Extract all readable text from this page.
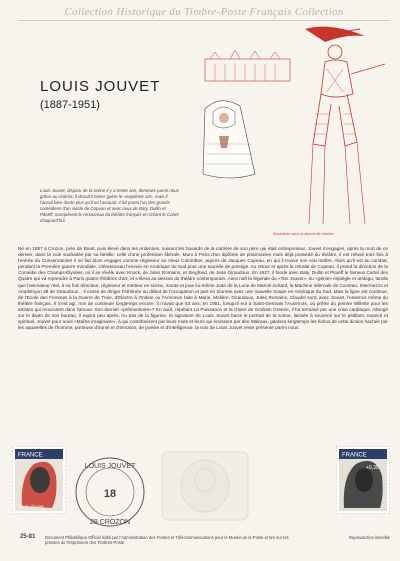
Collection Historique du Timbre-Poste Français Collection
LOUIS JOUVET
(1887-1951)
Louis Jouvet, disparu de la scène il y a trente ans, demeure parmi nous grâce au cinéma; il dosait n'aimer guère le «septième art», mais il l'aurait bien doute plus qu'il ne l'avouait. Il fut parmi l'un des grands comédiens d'un siècle de Copeau et avec ceux de Baty, Dullin et Pitoëff, marquèrent le renouveau du théâtre français en créant le Cartel d'aujourd'hui.
Illustration sous la dorme de l'artiste
Né en 1887 à Crozon, près de Brest, puis élevé dans les Ardennes, suivant les hasards de la carrière de son père qui était entrepreneur, Jouvet s'engages, après la mort de ce dernier, dans la voie souhaitée par sa famille: celle d'une profession libérale. Muni à Paris d'un diplôme de pharmacien mais déjà possédé du théâtre, il est refusé trois fois à l'entrée du Conservatoire! Il se fait alors engager comme régisseur au Vieux Colombier, auprès de Jacques Copeau, en qui il trouve son vrai maître. Alors qu'il est au combat, pendant la Première guerre mondiale, Clémenceau l'envoie en Amérique du Sud pour une tournée de prestige. Au retour et après la retraite de Copeau, il prend la direction de la Comédie des Champs-Élysées, où il se révèle avec Knock, de Jules Romains, et Siegfried, de Jean Giraudoux. En 1927, il fonde avec Baty, Dullin et Pitoëff le fameux Cartel des Quatre qui va reprendre à Paris quatre théâtres d'art, et s'éleva au-dessus du théâtre contemporain. Ainsi naît la légende du «Ton Jouvet», du «génie» espiègle et ambigu, tandis que l'animateur réel, à sa fois directeur, régisseur et metteur en scène, monte et joue lui-même Jean de la Lune de Marcel Achard, la Machine infernale de Cocteau, Intermezzo et Amphitryon 38 de Giraudoux... Il cesse de diriger l'Athénée au début de l'occupation et part en tournée avec une nouvelle troupe en Amérique du Sud. Mais la ligne est continue, de l'Ecole des Femmes à la Guerre de Troie, d'Electre à Ondine ou l'Annonce faite à Marie, Molière, Giraudoux, Jules Romains, Claudel sont, avec Jouvet, l'essence même du théâtre français. Il s'est agi, non de continuer longtemps encore: il n'avait que 63 ans, en 1951, lorsqu'il eut à Saint-Germain l'Auxerrois, où prêtre du peintre Willette pour les artistes qui moururent dans l'amour. Son dernier «prémonitoire»? En août, répétant La Puissance et la Gloire de Graham Greene, il fut terrassé par une crise cardiaque. Allongé sur le divan de son bureau, il expira peu après. Au bas de la figurine, la signature de Louis Jouvet barre le portrait de la scène, laissée à souvenir sur le pétillant, nuancé et spirituel. Jouvet pour nous «Maître imaginaire», à qui contribuèrent par leurs mots et leurs qui émissent par dire Malraux, gardera longtemps les échos de cette diction hachée par les aquarelles de l'homme, porteuse d'ironie et d'émotion, de poésie et d'intelligence: la voix de Louis Jouvet reste présente parmi nous.
FRANCE
Louis Jouvet
LOUIS JOUVET
18
29 CROZON
FRANCE
+0,35
25-81 Document Philatélique Officiel édité par l'Administration des Postes et Télécommunications pour le Musée de la Poste et tiré sur les presses de l'Imprimerie des Timbres-Poste.
Reproduction interdite
